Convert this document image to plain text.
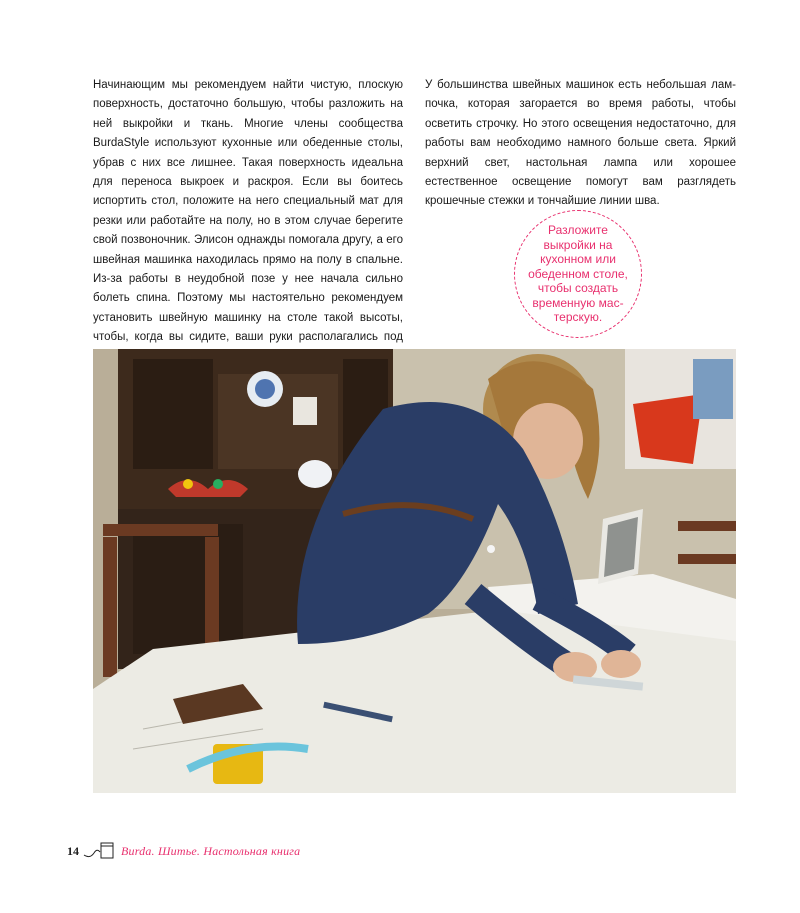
Начинающим мы рекомендуем найти чистую, плоскую поверхность, достаточно большую, чтобы разложить на ней выкройки и ткань. Многие члены сообщества BurdaStyle используют кухонные или обеденные столы, убрав с них все лишнее. Такая поверхность идеальна для переноса выкроек и раскроя. Если вы боитесь испортить стол, положите на него специальный мат для резки или работайте на полу, но в этом случае берегите свой позвоночник. Элисон однажды помогала другу, а его швейная машинка находилась прямо на полу в спальне. Из-за работы в неудобной позе у нее начала сильно болеть спина. Поэтому мы настоятельно рекомендуем установить швейную машинку на столе такой высоты, чтобы, когда вы сидите, ваши руки располагались под

У большинства швейных машинок есть небольшая лампочка, которая загорается во время работы, чтобы осветить строчку. Но этого освещения недостаточно, для работы вам необходимо намного больше света. Яркий верхний свет, настольная лампа или хорошее естественное освещение помогут вам разглядеть крошечные стежки и тончайшие линии шва.

Разложите выкройки на кухонном или обеденном столе, чтобы создать временную мастерскую.
14	Burda. Шитье. Настольная книга
